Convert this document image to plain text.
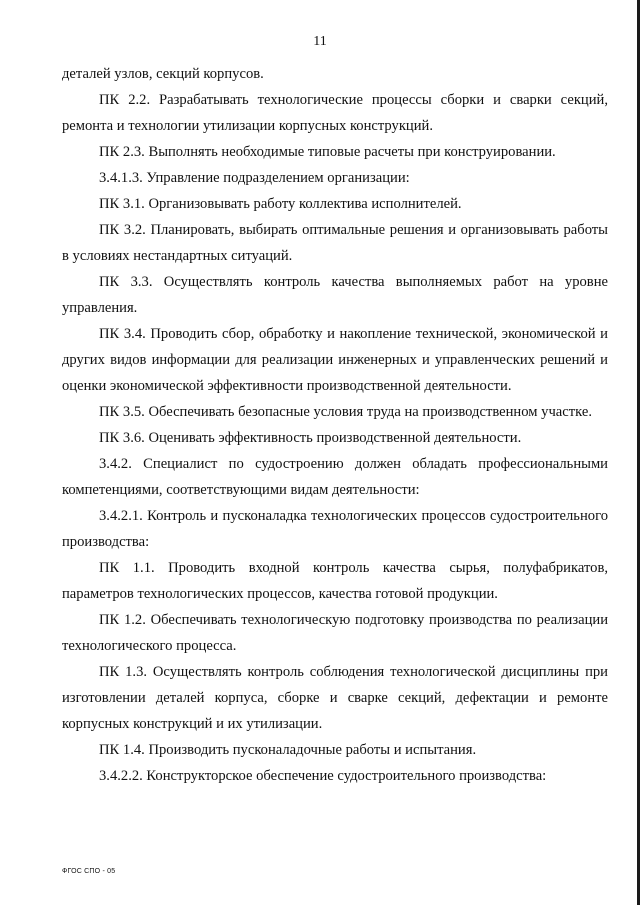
11

деталей узлов, секций корпусов.

ПК 2.2. Разрабатывать технологические процессы сборки и сварки секций, ремонта и технологии утилизации корпусных конструкций.

ПК 2.3. Выполнять необходимые типовые расчеты при конструировании.

3.4.1.3. Управление подразделением организации:

ПК 3.1. Организовывать работу коллектива исполнителей.

ПК 3.2. Планировать, выбирать оптимальные решения и организовывать работы в условиях нестандартных ситуаций.

ПК 3.3. Осуществлять контроль качества выполняемых работ на уровне управления.

ПК 3.4. Проводить сбор, обработку и накопление технической, экономической и других видов информации для реализации инженерных и управленческих решений и оценки экономической эффективности производственной деятельности.

ПК 3.5. Обеспечивать безопасные условия труда на производственном участке.

ПК 3.6. Оценивать эффективность производственной деятельности.

3.4.2. Специалист по судостроению должен обладать профессиональными компетенциями, соответствующими видам деятельности:

3.4.2.1. Контроль и пусконаладка технологических процессов судостроительного производства:

ПК 1.1. Проводить входной контроль качества сырья, полуфабрикатов, параметров технологических процессов, качества готовой продукции.

ПК 1.2. Обеспечивать технологическую подготовку производства по реализации технологического процесса.

ПК 1.3. Осуществлять контроль соблюдения технологической дисциплины при изготовлении деталей корпуса, сборке и сварке секций, дефектации и ремонте корпусных конструкций и их утилизации.

ПК 1.4. Производить пусконаладочные работы и испытания.

3.4.2.2. Конструкторское обеспечение судостроительного производства:

ФГОС СПО - 05
